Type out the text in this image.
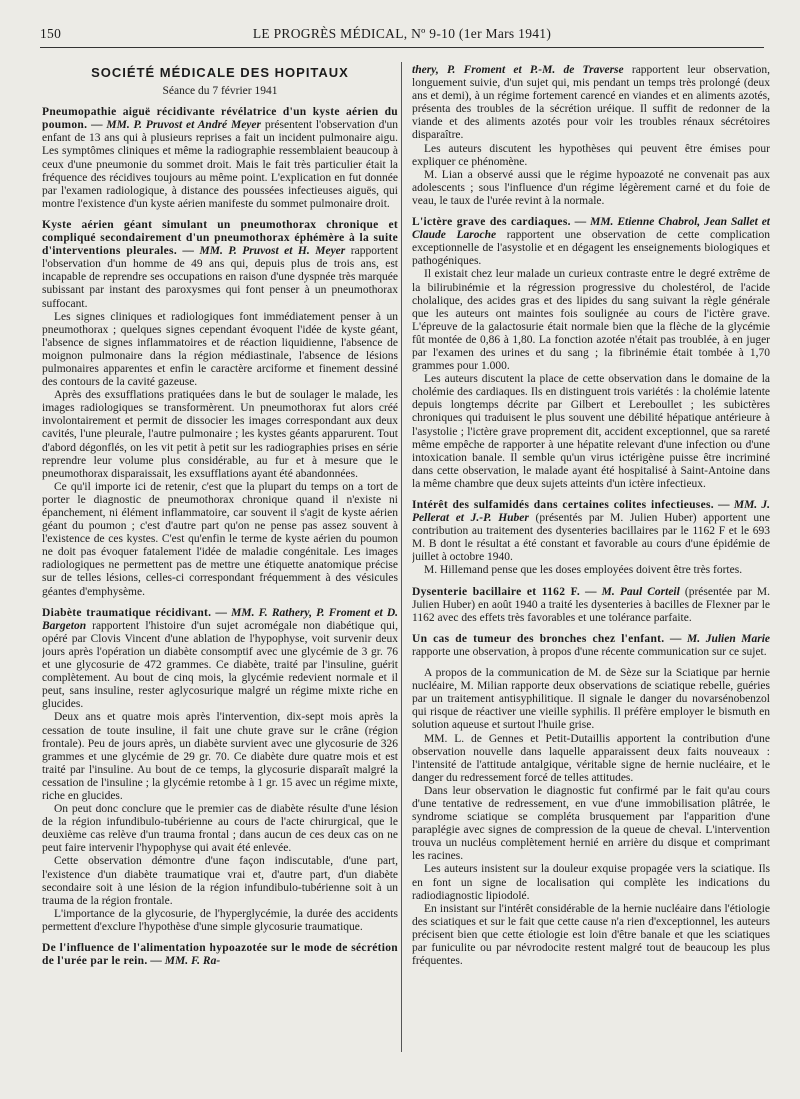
150	LE PROGRÈS MÉDICAL, Nº 9-10 (1er Mars 1941)
SOCIÉTÉ MÉDICALE DES HOPITAUX
Séance du 7 février 1941

Pneumopathie aiguë récidivante révélatrice d'un kyste aérien du poumon. — MM. P. Pruvost et André Meyer présentent l'observation d'un enfant de 13 ans qui à plusieurs reprises a fait un incident pulmonaire aigu. Les symptômes cliniques et même la radiographie ressemblaient beaucoup à ceux d'une pneumonie du sommet droit. Mais le fait très particulier était la fréquence des récidives toujours au même point. L'explication en fut donnée par l'examen radiologique, à distance des poussées infectieuses aiguës, qui montre l'existence d'un kyste aérien manifeste du sommet pulmonaire droit.

Kyste aérien géant simulant un pneumothorax chronique et compliqué secondairement d'un pneumothorax éphémère à la suite d'interventions pleurales. — MM. P. Pruvost et H. Meyer rapportent l'observation d'un homme de 49 ans qui, depuis plus de trois ans, est incapable de reprendre ses occupations en raison d'une dyspnée très marquée subissant par instant des paroxysmes qui font penser à un pneumothorax suffocant.

Les signes cliniques et radiologiques font immédiatement penser à un pneumothorax ; quelques signes cependant évoquent l'idée de kyste géant, l'absence de signes inflammatoires et de réaction liquidienne, l'absence de moignon pulmonaire dans la région médiastinale, l'absence de lésions pulmonaires apparentes et enfin le caractère arciforme et finement dessiné des contours de la cavité gazeuse.

Après des exsufflations pratiquées dans le but de soulager le malade, les images radiologiques se transformèrent. Un pneumothorax fut alors créé involontairement et permit de dissocier les images correspondant aux deux cavités, l'une pleurale, l'autre pulmonaire ; les kystes géants apparurent. Tout d'abord dégonflés, on les vit petit à petit sur les radiographies prises en série reprendre leur volume plus considérable, au fur et à mesure que le pneumothorax disparaissait, les exsufflations ayant été abandonnées.

Ce qu'il importe ici de retenir, c'est que la plupart du temps on a tort de porter le diagnostic de pneumothorax chronique quand il n'existe ni épanchement, ni élément inflammatoire, car souvent il s'agit de kyste aérien géant du poumon ; c'est d'autre part qu'on ne pense pas assez souvent à l'existence de ces kystes. C'est qu'enfin le terme de kyste aérien du poumon ne doit pas évoquer fatalement l'idée de maladie congénitale. Les images radiologiques ne permettent pas de mettre une étiquette anatomique précise sur de telles lésions, celles-ci correspondant fréquemment à des vésicules géantes d'emphysème.

Diabète traumatique récidivant. — MM. F. Rathery, P. Froment et D. Bargeton rapportent l'histoire d'un sujet acromégale non diabétique qui, opéré par Clovis Vincent d'une ablation de l'hypophyse, voit survenir deux jours après l'opération un diabète consomptif avec une glycémie de 3 gr. 76 et une glycosurie de 472 grammes. Ce diabète, traité par l'insuline, guérit complètement. Au bout de cinq mois, la glycémie redevient normale et il peut, sans insuline, rester aglycosurique malgré un régime mixte riche en glucides.

Deux ans et quatre mois après l'intervention, dix-sept mois après la cessation de toute insuline, il fait une chute grave sur le crâne (région frontale). Peu de jours après, un diabète survient avec une glycosurie de 326 grammes et une glycémie de 29 gr. 70. Ce diabète dure quatre mois et est traité par l'insuline. Au bout de ce temps, la glycosurie disparaît malgré la cessation de l'insuline ; la glycémie retombe à 1 gr. 15 avec un régime mixte, riche en glucides.

On peut donc conclure que le premier cas de diabète résulte d'une lésion de la région infundibulo-tubérienne au cours de l'acte chirurgical, que le deuxième cas relève d'un trauma frontal ; dans aucun de ces deux cas on ne peut faire intervenir l'hypophyse qui avait été enlevée.

Cette observation démontre d'une façon indiscutable, d'une part, l'existence d'un diabète traumatique vrai et, d'autre part, d'un diabète secondaire soit à une lésion de la région infundibulo-tubérienne soit à un trauma de la région frontale.

L'importance de la glycosurie, de l'hyperglycémie, la durée des accidents permettent d'exclure l'hypothèse d'une simple glycosurie traumatique.

De l'influence de l'alimentation hypoazotée sur le mode de sécrétion de l'urée par le rein. — MM. F. Ra-

thery, P. Froment et P.-M. de Traverse rapportent leur observation, longuement suivie, d'un sujet qui, mis pendant un temps très prolongé (deux ans et demi), à un régime fortement carencé en viandes et en aliments azotés, présenta des troubles de la sécrétion uréique. Il suffit de redonner de la viande et des aliments azotés pour voir les troubles rénaux sécrétoires disparaître.

Les auteurs discutent les hypothèses qui peuvent être émises pour expliquer ce phénomène.

M. Lian a observé aussi que le régime hypoazoté ne convenait pas aux adolescents ; sous l'influence d'un régime légèrement carné et du foie de veau, le taux de l'urée revint à la normale.

L'ictère grave des cardiaques. — MM. Etienne Chabrol, Jean Sallet et Claude Laroche rapportent une observation de cette complication exceptionnelle de l'asystolie et en dégagent les enseignements biologiques et pathogéniques.

Il existait chez leur malade un curieux contraste entre le degré extrême de la bilirubinémie et la régression progressive du cholestérol, de l'acide cholalique, des acides gras et des lipides du sang suivant la règle générale que les auteurs ont maintes fois soulignée au cours de l'ictère grave. L'épreuve de la galactosurie était normale bien que la flèche de la glycémie fût montée de 0,86 à 1,80. La fonction azotée n'était pas troublée, à en juger par l'examen des urines et du sang ; la fibrinémie était tombée à 1,70 grammes pour 1.000.

Les auteurs discutent la place de cette observation dans le domaine de la cholémie des cardiaques. Ils en distinguent trois variétés : la cholémie latente depuis longtemps décrite par Gilbert et Lereboullet ; les subictères chroniques qui traduisent le plus souvent une débilité hépatique antérieure à l'asystolie ; l'ictère grave proprement dit, accident exceptionnel, que sa rareté même empêche de rapporter à une hépatite relevant d'une infection ou d'une intoxication banale. Il semble qu'un virus ictérigène puisse être incriminé dans cette observation, le malade ayant été hospitalisé à Saint-Antoine dans la même chambre que deux sujets atteints d'un ictère infectieux.

Intérêt des sulfamidés dans certaines colites infectieuses. — MM. J. Pellerat et J.-P. Huber (présentés par M. Julien Huber) apportent une contribution au traitement des dysenteries bacillaires par le 1162 F et le 693 M. B dont le résultat a été constant et favorable au cours d'une épidémie de juillet à octobre 1940.

M. Hillemand pense que les doses employées doivent être très fortes.

Dysenterie bacillaire et 1162 F. — M. Paul Corteil (présentée par M. Julien Huber) en août 1940 a traité les dysenteries à bacilles de Flexner par le 1162 avec des effets très favorables et une tolérance parfaite.

Un cas de tumeur des bronches chez l'enfant. — M. Julien Marie rapporte une observation, à propos d'une récente communication sur ce sujet.

A propos de la communication de M. de Sèze sur la Sciatique par hernie nucléaire, M. Milian rapporte deux observations de sciatique rebelle, guéries par un traitement antisyphilitique. Il signale le danger du novarsénobenzol qui risque de réactiver une vieille syphilis. Il préfère employer le bismuth en solution aqueuse et surtout l'huile grise.

MM. L. de Gennes et Petit-Dutaillis apportent la contribution d'une observation nouvelle dans laquelle apparaissent deux faits nouveaux : l'intensité de l'attitude antalgique, véritable signe de hernie nucléaire, et le danger du redressement forcé de telles attitudes.

Dans leur observation le diagnostic fut confirmé par le fait qu'au cours d'une tentative de redressement, en vue d'une immobilisation plâtrée, le syndrome sciatique se compléta brusquement par l'apparition d'une paraplégie avec signes de compression de la queue de cheval. L'intervention trouva un nucléus complètement hernié en arrière du disque et comprimant les racines.

Les auteurs insistent sur la douleur exquise propagée vers la sciatique. Ils en font un signe de localisation qui complète les indications du radiodiagnostic lipiodolé.

En insistant sur l'intérêt considérable de la hernie nucléaire dans l'étiologie des sciatiques et sur le fait que cette cause n'a rien d'exceptionnel, les auteurs précisent bien que cette étiologie est loin d'être banale et que les sciatiques par funiculite ou par névrodocite restent malgré tout de beaucoup les plus fréquentes.
